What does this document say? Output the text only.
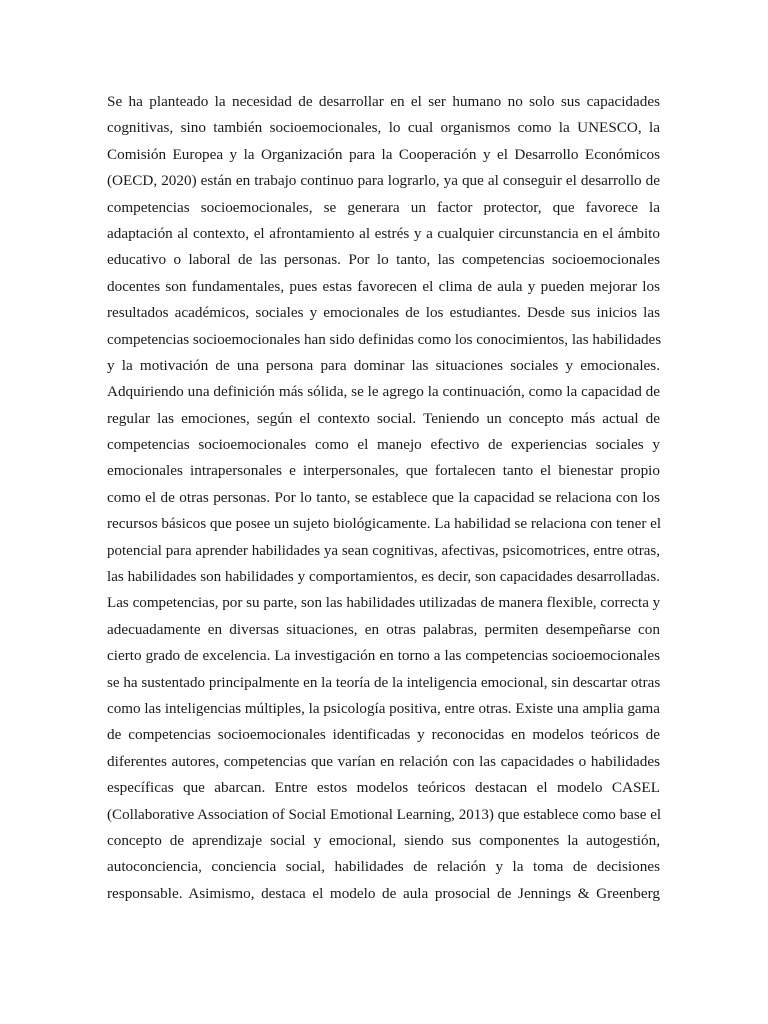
Se ha planteado la necesidad de desarrollar en el ser humano no solo sus capacidades
cognitivas, sino también socioemocionales, lo cual organismos como la UNESCO, la
Comisión Europea y la Organización para la Cooperación y el Desarrollo Económicos
(OECD, 2020) están en trabajo continuo para lograrlo, ya que al conseguir el desarrollo de
competencias socioemocionales, se generara un factor protector, que favorece la
adaptación al contexto, el afrontamiento al estrés y a cualquier circunstancia en el ámbito
educativo o laboral de las personas. Por lo tanto, las competencias socioemocionales
docentes son fundamentales, pues estas favorecen el clima de aula y pueden mejorar los
resultados académicos, sociales y emocionales de los estudiantes. Desde sus inicios las
competencias socioemocionales han sido definidas como los conocimientos, las habilidades
y la motivación de una persona para dominar las situaciones sociales y emocionales.
Adquiriendo una definición más sólida, se le agrego la continuación, como la capacidad de
regular las emociones, según el contexto social. Teniendo un concepto más actual de
competencias socioemocionales como el manejo efectivo de experiencias sociales y
emocionales intrapersonales e interpersonales, que fortalecen tanto el bienestar propio
como el de otras personas. Por lo tanto, se establece que la capacidad se relaciona con los
recursos básicos que posee un sujeto biológicamente. La habilidad se relaciona con tener el
potencial para aprender habilidades ya sean cognitivas, afectivas, psicomotrices, entre otras,
las habilidades son habilidades y comportamientos, es decir, son capacidades desarrolladas.
Las competencias, por su parte, son las habilidades utilizadas de manera flexible, correcta y
adecuadamente en diversas situaciones, en otras palabras, permiten desempeñarse con
cierto grado de excelencia. La investigación en torno a las competencias socioemocionales
se ha sustentado principalmente en la teoría de la inteligencia emocional, sin descartar otras
como las inteligencias múltiples, la psicología positiva, entre otras. Existe una amplia gama
de competencias socioemocionales identificadas y reconocidas en modelos teóricos de
diferentes autores, competencias que varían en relación con las capacidades o habilidades
específicas que abarcan. Entre estos modelos teóricos destacan el modelo CASEL
(Collaborative Association of Social Emotional Learning, 2013) que establece como base el
concepto de aprendizaje social y emocional, siendo sus componentes la autogestión,
autoconciencia, conciencia social, habilidades de relación y la toma de decisiones
responsable. Asimismo, destaca el modelo de aula prosocial de Jennings & Greenberg
